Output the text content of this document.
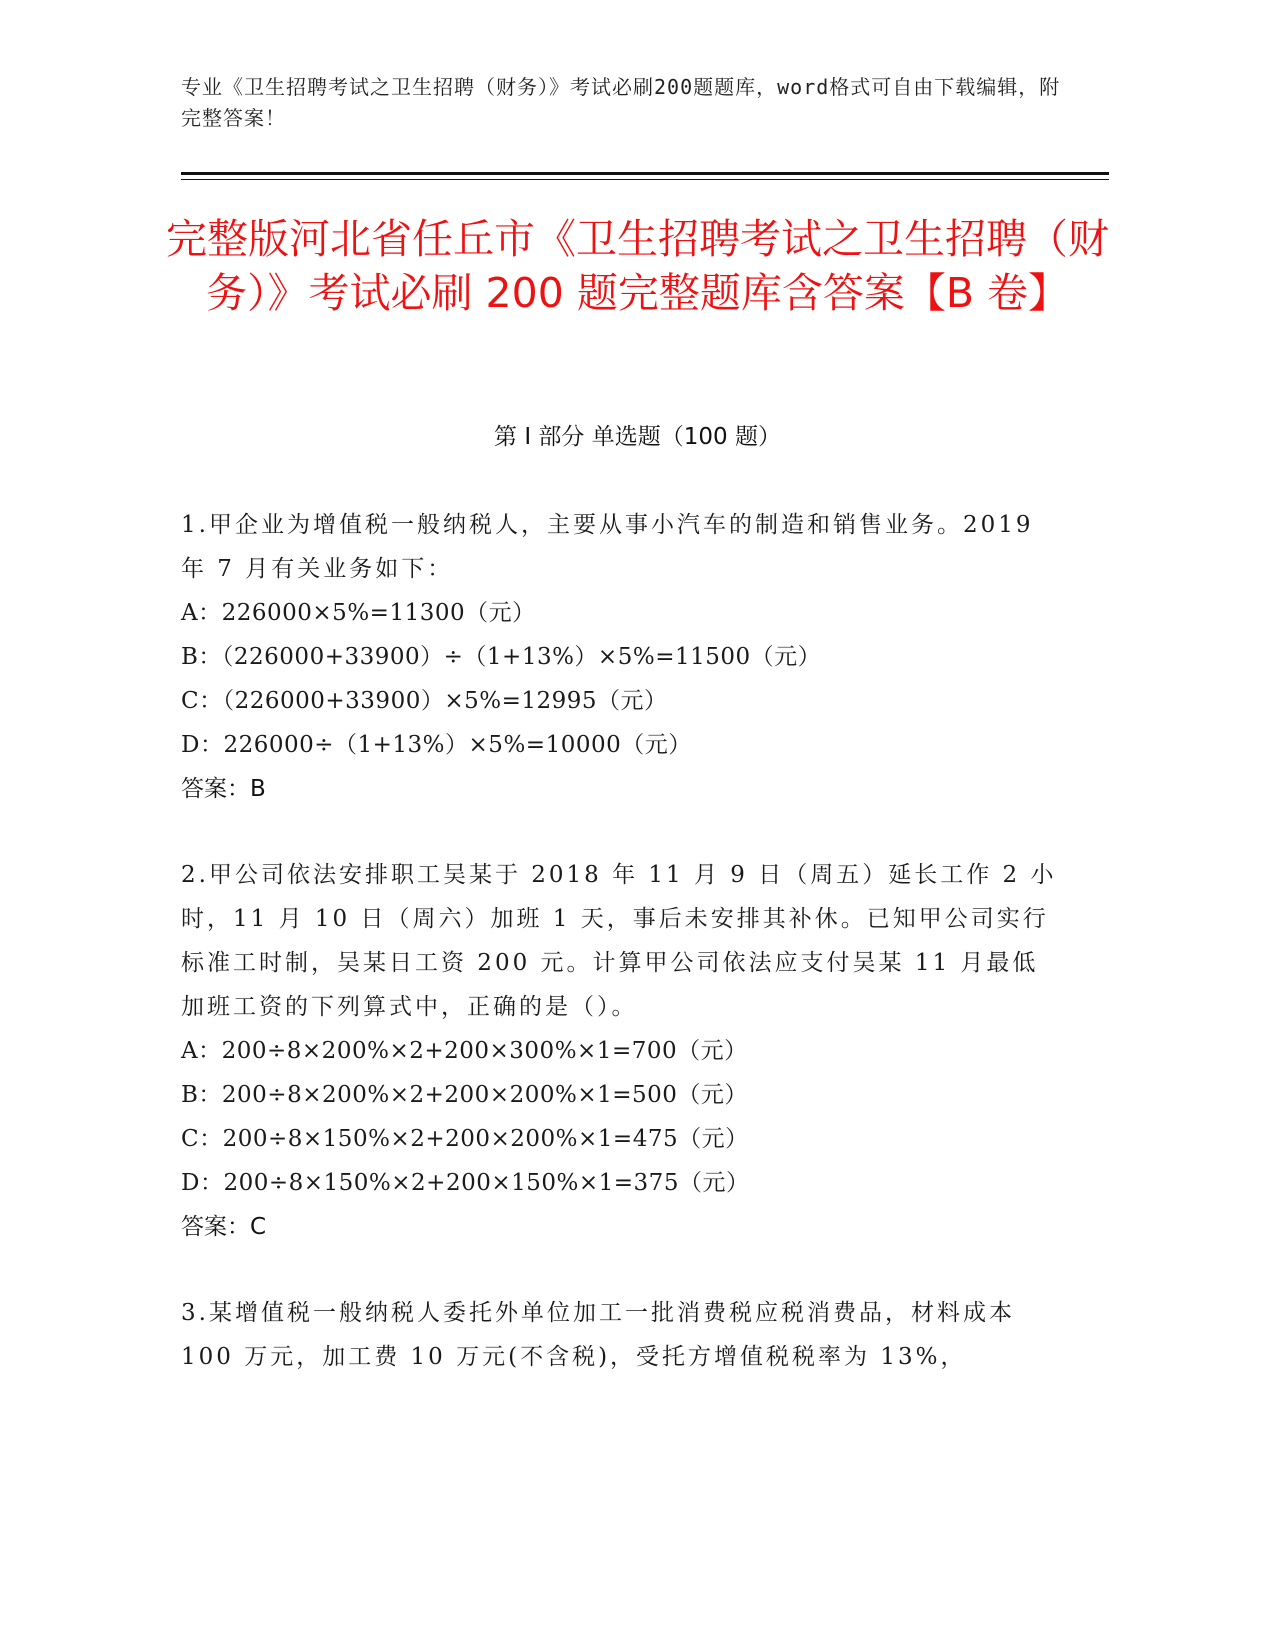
专业《卫生招聘考试之卫生招聘（财务）》考试必刷200题题库，word格式可自由下载编辑，附完整答案！
完整版河北省任丘市《卫生招聘考试之卫生招聘（财务）》考试必刷 200 题完整题库含答案【B 卷】
第 I 部分 单选题（100 题）

1.甲企业为增值税一般纳税人，主要从事小汽车的制造和销售业务。2019 年 7 月有关业务如下：

A：226000×5%=11300（元）

B：（226000+33900）÷（1+13%）×5%=11500（元）

C：（226000+33900）×5%=12995（元）

D：226000÷（1+13%）×5%=10000（元）

答案：B

2.甲公司依法安排职工吴某于 2018 年 11 月 9 日（周五）延长工作 2 小时，11 月 10 日（周六）加班 1 天，事后未安排其补休。已知甲公司实行标准工时制，吴某日工资 200 元。计算甲公司依法应支付吴某 11 月最低加班工资的下列算式中，正确的是（）。

A：200÷8×200%×2+200×300%×1=700（元）

B：200÷8×200%×2+200×200%×1=500（元）

C：200÷8×150%×2+200×200%×1=475（元）

D：200÷8×150%×2+200×150%×1=375（元）

答案：C

3.某增值税一般纳税人委托外单位加工一批消费税应税消费品，材料成本 100 万元，加工费 10 万元(不含税)，受托方增值税税率为 13%，
